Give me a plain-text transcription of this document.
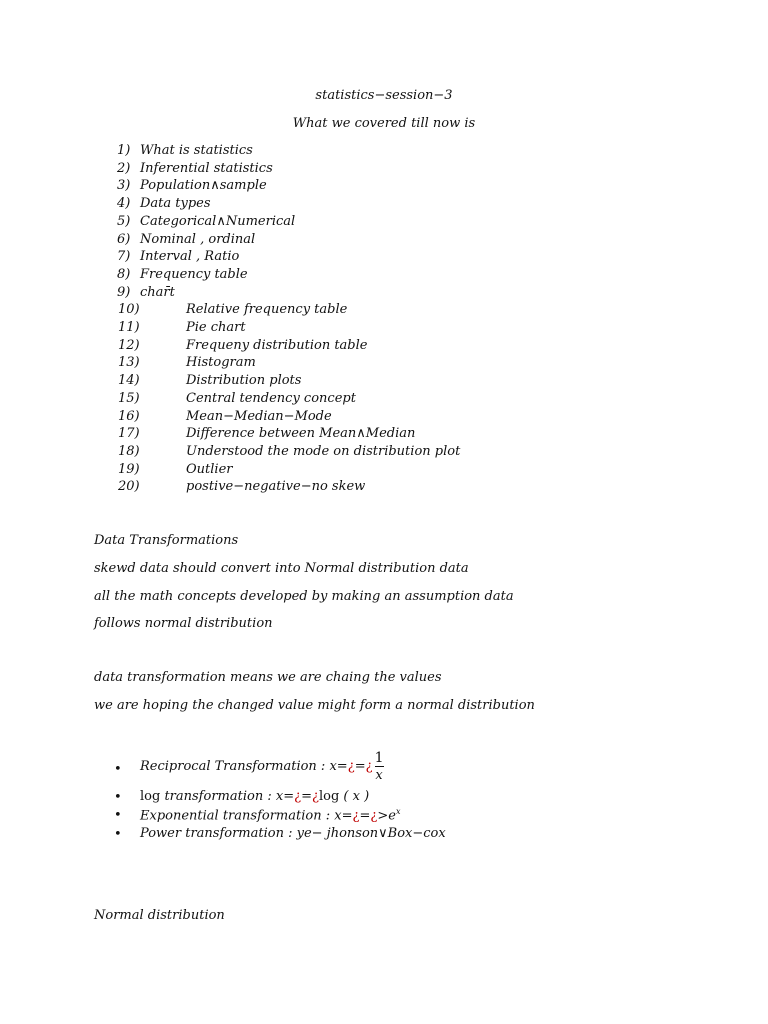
statistics−session−3
What we covered till now is
1) What is statistics
2) Inferential statistics
3) Population∧sample
4) Data types
5) Categorical∧Numerical
6) Nominal , ordinal
7) Interval , Ratio
8) Frequency table
9) char̄t
10)	Relative frequency table
11)	Pie chart
12)	Frequeny distribution table
13)	Histogram
14)	Distribution plots
15)	Central tendency concept
16)	Mean−Median−Mode
17)	Difference between Mean∧Median
18)	Understood the mode on distribution plot
19)	Outlier
20)	postive−negative−no skew
Data Transformations
skewd data should convert into Normal distribution data
all the math concepts developed by making an assumption data
follows normal distribution
data transformation means we are chaing the values
we are hoping the changed value might form a normal distribution
• Reciprocal Transformation : x=¿=¿ $\frac{1}{x}$
• log transformation : x=¿=¿log ( x )
• Exponential transformation : $x=¿=¿>e^x$
• Power transformation : ye− jhonson∨Box−cox
Normal distribution
